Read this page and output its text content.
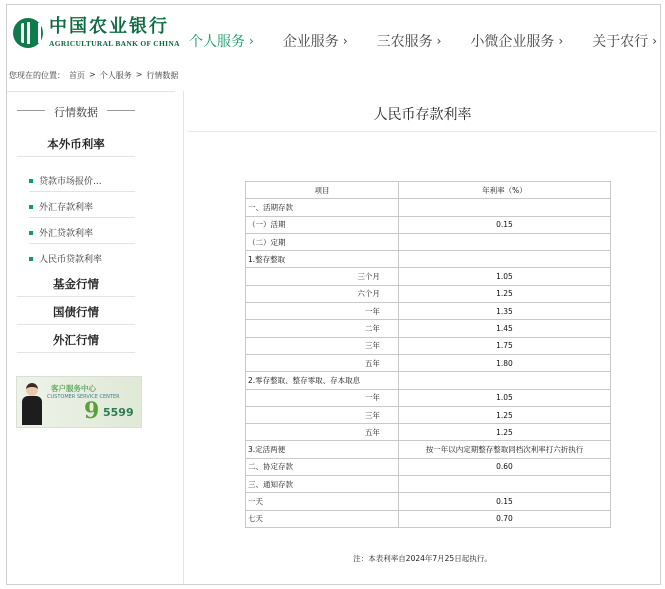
中国农业银行
AGRICULTURAL BANK OF CHINA 个人服务 › 企业服务 › 三农服务 › 小微企业服务 › 关于农行 ›
您现在的位置： 首页 > 个人服务 > 行情数据
行情数据
本外币利率
贷款市场报价...
外汇存款利率
外汇贷款利率
人民币贷款利率
基金行情
国债行情
外汇行情
客户服务中心
CUSTOMER SERVICE CENTER
9 5599
人民币存款利率
项目	年利率（%）
一、活期存款	
（一）活期	0.15
（二）定期	
1.整存整取	
三个月	1.05
六个月	1.25
一年	1.35
二年	1.45
三年	1.75
五年	1.80
2.零存整取、整存零取、存本取息	
一年	1.05
三年	1.25
五年	1.25
3.定活两便	按一年以内定期整存整取同档次利率打六折执行
二、协定存款	0.60
三、通知存款	
一天	0.15
七天	0.70
注：本表利率自2024年7月25日起执行。
